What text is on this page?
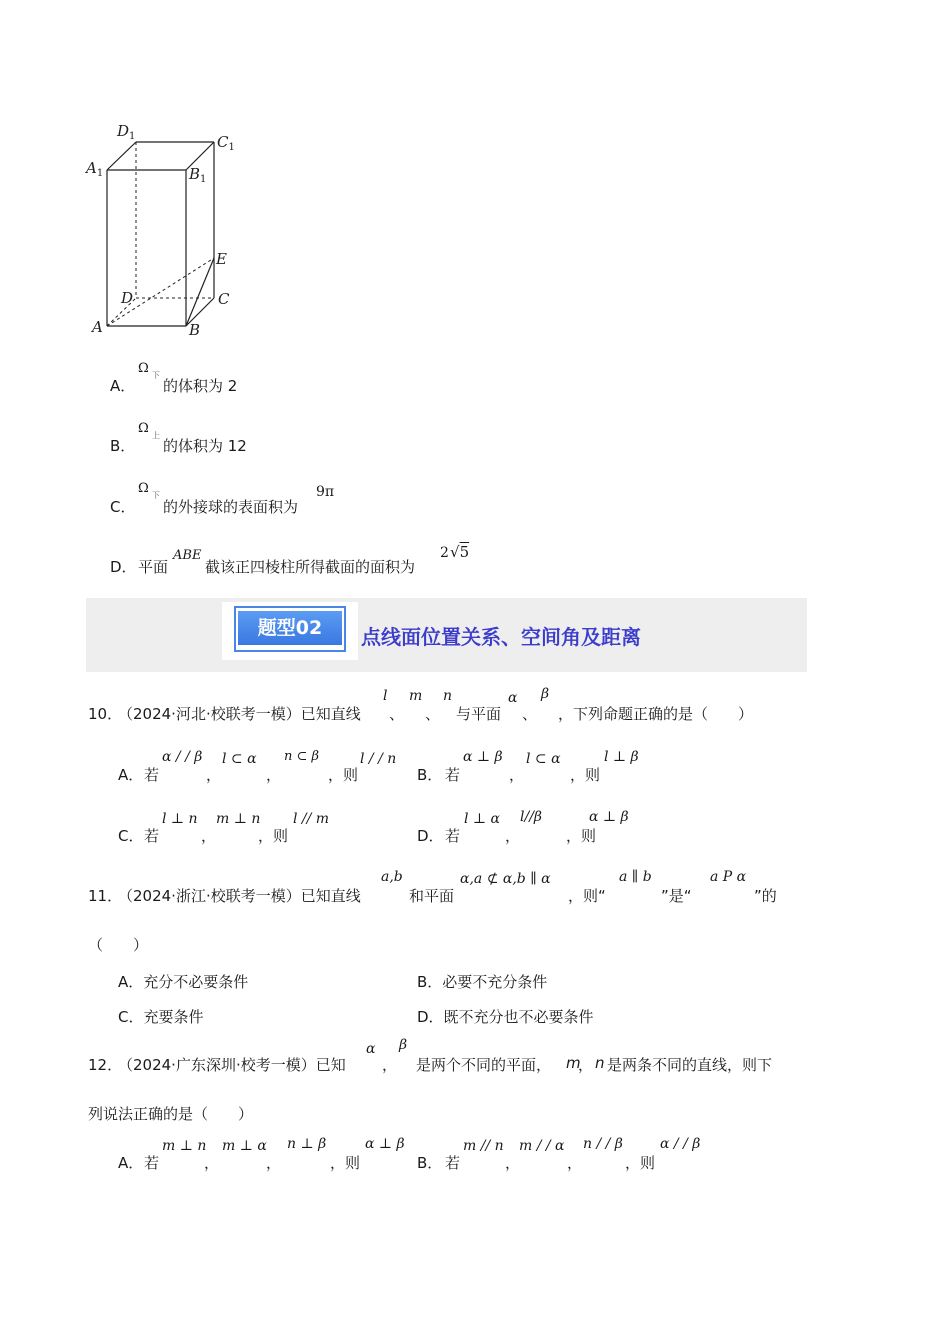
$D_1$	$C_1$
$A_1$	$B_1$
E
D	C
A	B
A．
Ω 下
的体积为 2
B．
Ω 上
的体积为 12
C．
Ω 下
的外接球的表面积为
9π
D． 平面
ABE
截该正四棱柱所得截面的面积为
2 √5
题型02	点线面位置关系、空间角及距离
10．
（2024·河北·校联考一模）已知直线
l
、
m
、
n
与平面
α
、
β
，下列命题正确的是（　　）
A． 若
α / / β
，
l ⊂ α
，
n ⊂ β
，则
l / / n
B． 若
α ⊥ β
，
l ⊂ α
，则
l ⊥ β
C． 若
l ⊥ n
，
m ⊥ n
，则
l // m
D． 若
l ⊥ α
，
l//β
，则
α ⊥ β
11．
（2024·浙江·校联考一模）已知直线
a,b
和平面
α,a ⊄ α,b ∥ α
，则“
a ∥ b
”是“
a P α
”的
（　　）
A．充分不必要条件	B．必要不充分条件
C．充要条件	D．既不充分也不必要条件
12．
（2024·广东深圳·校考一模）已知
α
，
β
是两个不同的平面， m
， n 是两条不同的直线，则下
列说法正确的是（　　）
A． 若
m ⊥ n
，
m ⊥ α
，
n ⊥ β
，则
α ⊥ β
B． 若
m // n
，
m / / α
，
n / / β
，则
α / / β
